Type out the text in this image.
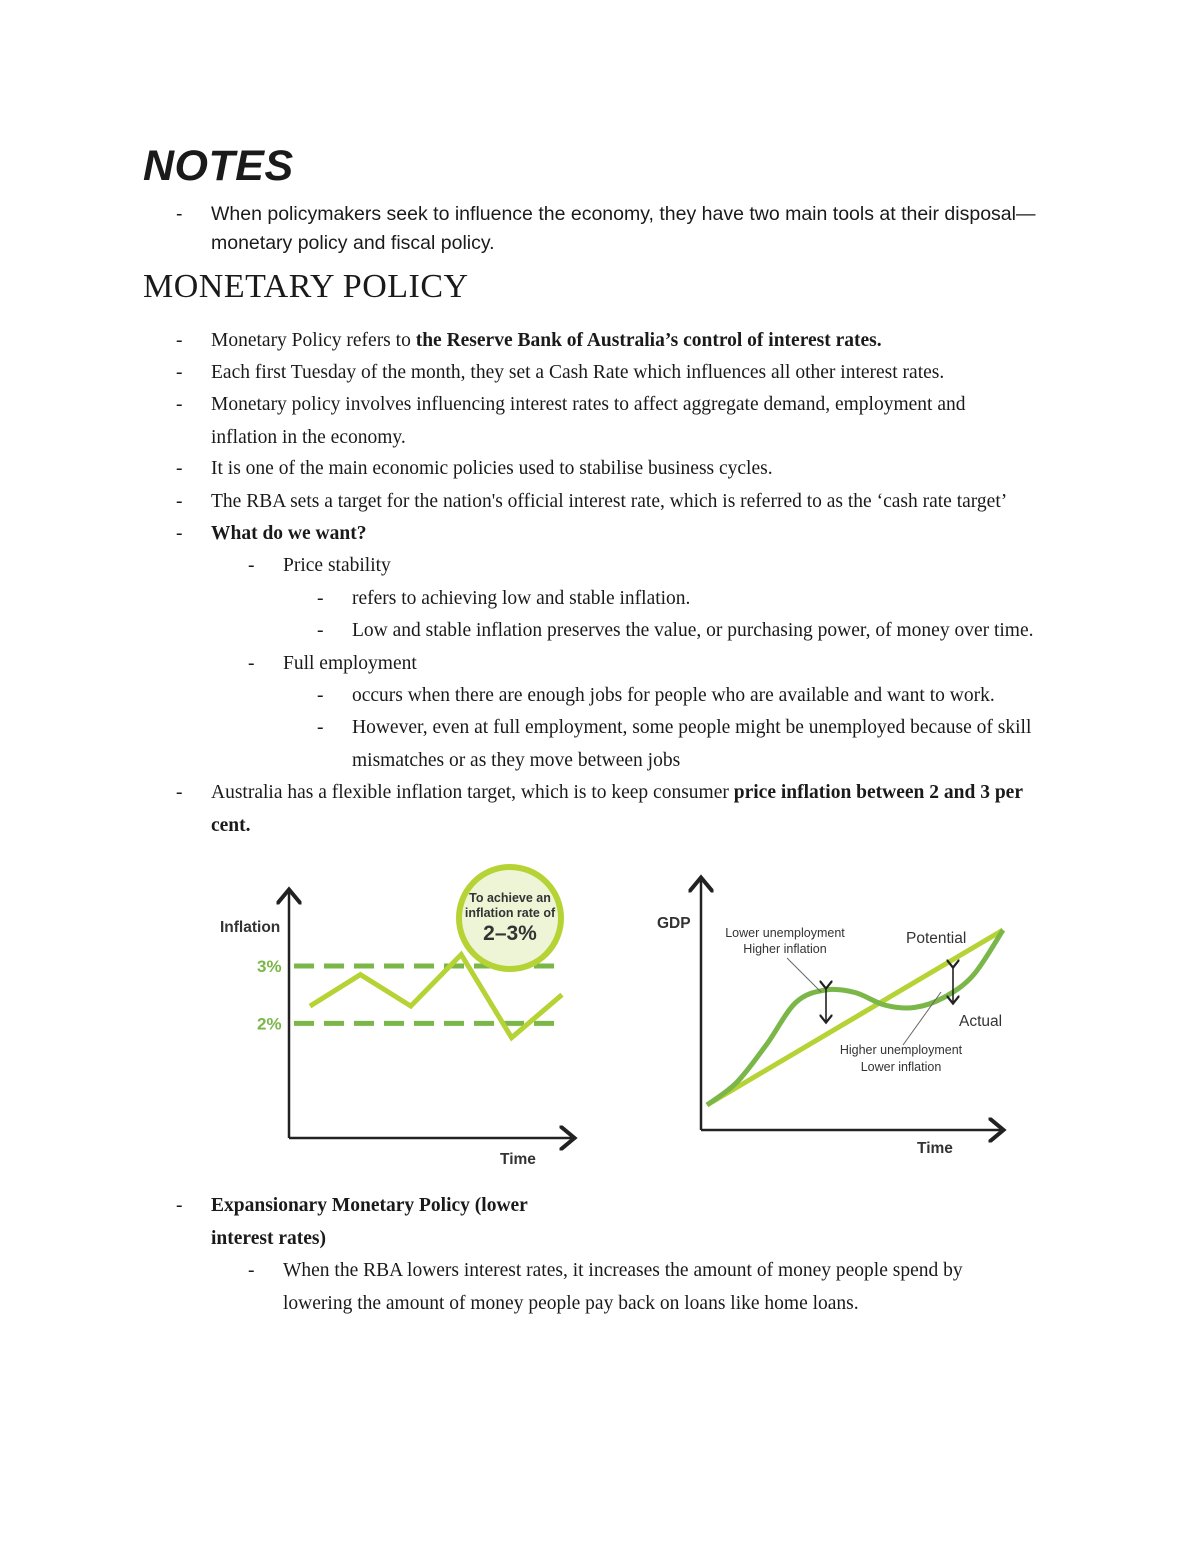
NOTES
- When policymakers seek to influence the economy, they have two main tools at their disposal—monetary policy and fiscal policy.
MONETARY POLICY
- Monetary Policy refers to the Reserve Bank of Australia’s control of interest rates.
- Each first Tuesday of the month, they set a Cash Rate which influences all other interest rates.
- Monetary policy involves influencing interest rates to affect aggregate demand, employment and inflation in the economy.
- It is one of the main economic policies used to stabilise business cycles.
- The RBA sets a target for the nation's official interest rate, which is referred to as the ‘cash rate target’
- What do we want?
- Price stability
- refers to achieving low and stable inflation.
- Low and stable inflation preserves the value, or purchasing power, of money over time.
- Full employment
- occurs when there are enough jobs for people who are available and want to work.
- However, even at full employment, some people might be unemployed because of skill mismatches or as they move between jobs
- Australia has a flexible inflation target, which is to keep consumer price inflation between 2 and 3 per cent.
Inflation
3%
2%
Time
To achieve an
inflation rate of
2–3%	GDP
Time
Potential
Actual
Lower unemployment
Higher inflation
Higher unemployment
Lower inflation
- Expansionary Monetary Policy (lower interest rates)
- When the RBA lowers interest rates, it increases the amount of money people spend by lowering the amount of money people pay back on loans like home loans.
